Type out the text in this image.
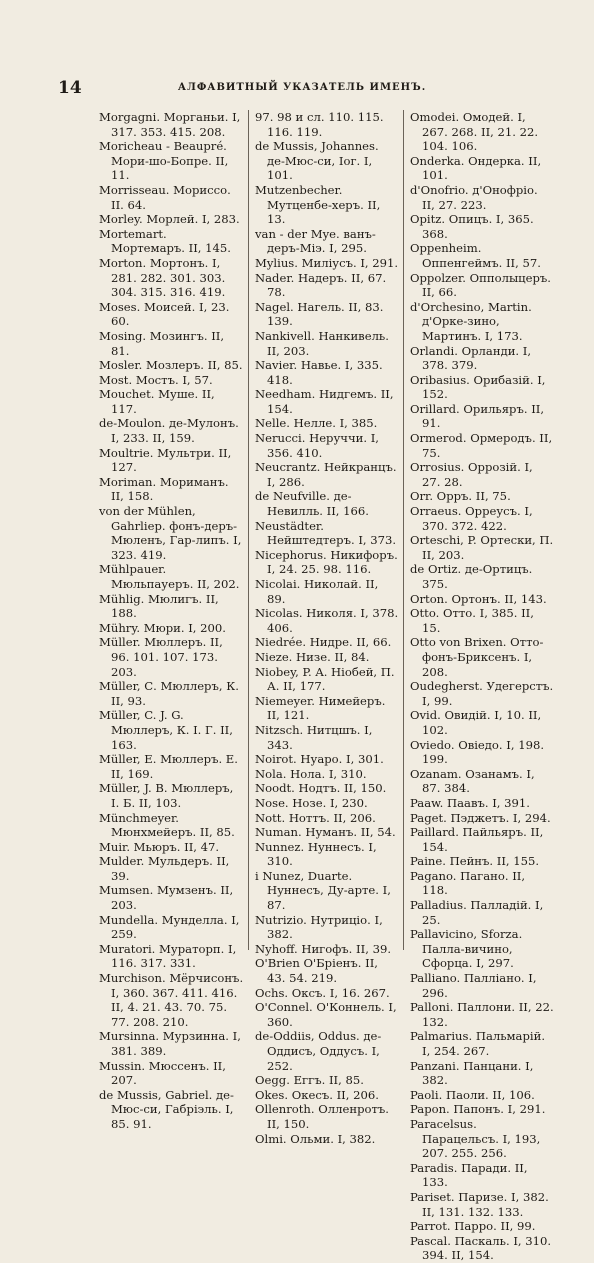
14	АЛФАВИТНЫЙ УКАЗАТЕЛЬ ИМЕНЪ.

Morgagni. Морганьи. I, 317. 353. 415. 208.

Moricheau - Beaupré. Мори-шо-Бопре. II, 11.

Morrisseau. Мориссо. II. 64.

Morley. Морлей. I, 283.

Mortemart. Мортемаръ. II, 145.

Morton. Мортонъ. I, 281. 282. 301. 303. 304. 315. 316. 419.

Moses. Моисей. I, 23. 60.

Mosing. Мозингъ. II, 81.

Mosler. Мозлеръ. II, 85.

Most. Мостъ. I, 57.

Mouchet. Муше. II, 117.

de-Moulon. де-Мулонъ. I, 233. II, 159.

Moultrie. Мультри. II, 127.

Moriman. Мориманъ. II, 158.

von der Mühlen, Gahrliep. фонъ-деръ-Мюленъ, Гар-липъ. I, 323. 419.

Mühlpauer. Мюльпауеръ. II, 202.

Mühlig. Мюлигъ. II, 188.

Mühry. Мюри. I, 200.

Müller. Мюллеръ. II, 96. 101. 107. 173. 203.

Müller, С. Мюллеръ, К. II, 93.

Müller, C. J. G. Мюллеръ, К. I. Г. II, 163.

Müller, E. Мюллеръ. Е. II, 169.

Müller, J. B. Мюллеръ, I. Б. II, 103.

Münchmeyer. Мюнхмейеръ. II, 85.

Muir. Мьюръ. II, 47.

Mulder. Мульдеръ. II, 39.

Mumsen. Мумзенъ. II, 203.

Mundella. Мунделла. I, 259.

Muratori. Мураторп. I, 116. 317. 331.

Murchison. Мёрчисонъ. I, 360. 367. 411. 416. II, 4. 21. 43. 70. 75. 77. 208. 210.

Mursinna. Мурзинна. I, 381. 389.

Mussin. Мюссенъ. II, 207.

de Mussis, Gabriel. де-Мюс-си, Габріэль. I, 85. 91.

97. 98 и сл. 110. 115. 116. 119.

de Mussis, Johannes. де-Мюс-си, Іог. I, 101.

Mutzenbecher. Мутценбе-херъ. II, 13.

van - der Mye. ванъ-деръ-Міэ. I, 295.

Mylius. Миліусъ. I, 291.

Nader. Надеръ. II, 67. 78.

Nagel. Нагель. II, 83. 139.

Nankivell. Нанкивель. II, 203.

Navier. Навье. I, 335. 418.

Needham. Нидгемъ. II, 154.

Nelle. Нелле. I, 385.

Nerucci. Неруччи. I, 356. 410.

Neucrantz. Нейкранцъ. I, 286.

de Neufville. де-Невилль. II, 166.

Neustädter. Нейштедтеръ. I, 373.

Nicephorus. Никифоръ. I, 24. 25. 98. 116.

Nicolai. Николай. II, 89.

Nicolas. Николя. I, 378. 406.

Niedrée. Нидре. II, 66.

Nieze. Низе. II, 84.

Niobey, P. A. Ніобей, П. А. II, 177.

Niemeyer. Нимейеръ. II, 121.

Nitzsch. Нитцшъ. I, 343.

Noirot. Нуаро. I, 301.

Nola. Нола. I, 310.

Noodt. Нодтъ. II, 150.

Nose. Нозе. I, 230.

Nott. Ноттъ. II, 206.

Numan. Нуманъ. II, 54.

Nunnez. Нуннесъ. I, 310.

i Nunez, Duarte. Нуннесъ, Ду-арте. I, 87.

Nutrizio. Нутриціо. I, 382.

Nyhoff. Нигофъ. II, 39.

O'Brien O'Бріенъ. II, 43. 54. 219.

Ochs. Оксъ. I, 16. 267.

O'Connel. O'Коннель. I, 360.

de-Oddiis, Oddus. де-Оддисъ, Оддусъ. I, 252.

Oegg. Еггъ. II, 85.

Okes. Окесъ. II, 206.

Ollenroth. Олленротъ. II, 150.

Olmi. Ольми. I, 382.

Omodei. Омодей. I, 267. 268. II, 21. 22. 104. 106.

Onderka. Ондерка. II, 101.

d'Onofrio. д'Онофріо. II, 27. 223.

Opitz. Опицъ. I, 365. 368.

Oppenheim. Оппенгеймъ. II, 57.

Oppolzer. Опполыцеръ. II, 66.

d'Orchesino, Martin. д'Орке-зино, Мартинъ. I, 173.

Orlandi. Орланди. I, 378. 379.

Oribasius. Орибазій. I, 152.

Orillard. Орильяръ. II, 91.

Ormerod. Ормеродъ. II, 75.

Orrosius. Оррозій. I, 27. 28.

Orr. Орръ. II, 75.

Orraeus. Орреусъ. I, 370. 372. 422.

Orteschi, P. Ортески, П. II, 203.

de Ortiz. де-Ортицъ. 375.

Orton. Ортонъ. II, 143.

Otto. Отто. I, 385. II, 15.

Otto von Brixen. Отто-фонъ-Бриксенъ. I, 208.

Oudegherst. Удегерстъ. I, 99.

Ovid. Овидій. I, 10. II, 102.

Oviedo. Овіедо. I, 198. 199.

Ozanam. Озанамъ. I, 87. 384.

Paaw. Паавъ. I, 391.

Paget. Пэджетъ. I, 294.

Paillard. Пайльяръ. II, 154.

Paine. Пейнъ. II, 155.

Pagano. Пагано. II, 118.

Palladius. Палладій. I, 25.

Pallavicino, Sforza. Палла-вичино, Сфорца. I, 297.

Palliano. Палліано. I, 296.

Palloni. Паллони. II, 22. 132.

Palmarius. Пальмарій. I, 254. 267.

Panzani. Панцани. I, 382.

Paoli. Паоли. II, 106.

Papon. Папонъ. I, 291.

Paracelsus. Парацельсъ. I, 193, 207. 255. 256.

Paradis. Паради. II, 133.

Pariset. Паризе. I, 382. II, 131. 132. 133.

Parrot. Парро. II, 99.

Pascal. Паскаль. I, 310. 394. II, 154.
